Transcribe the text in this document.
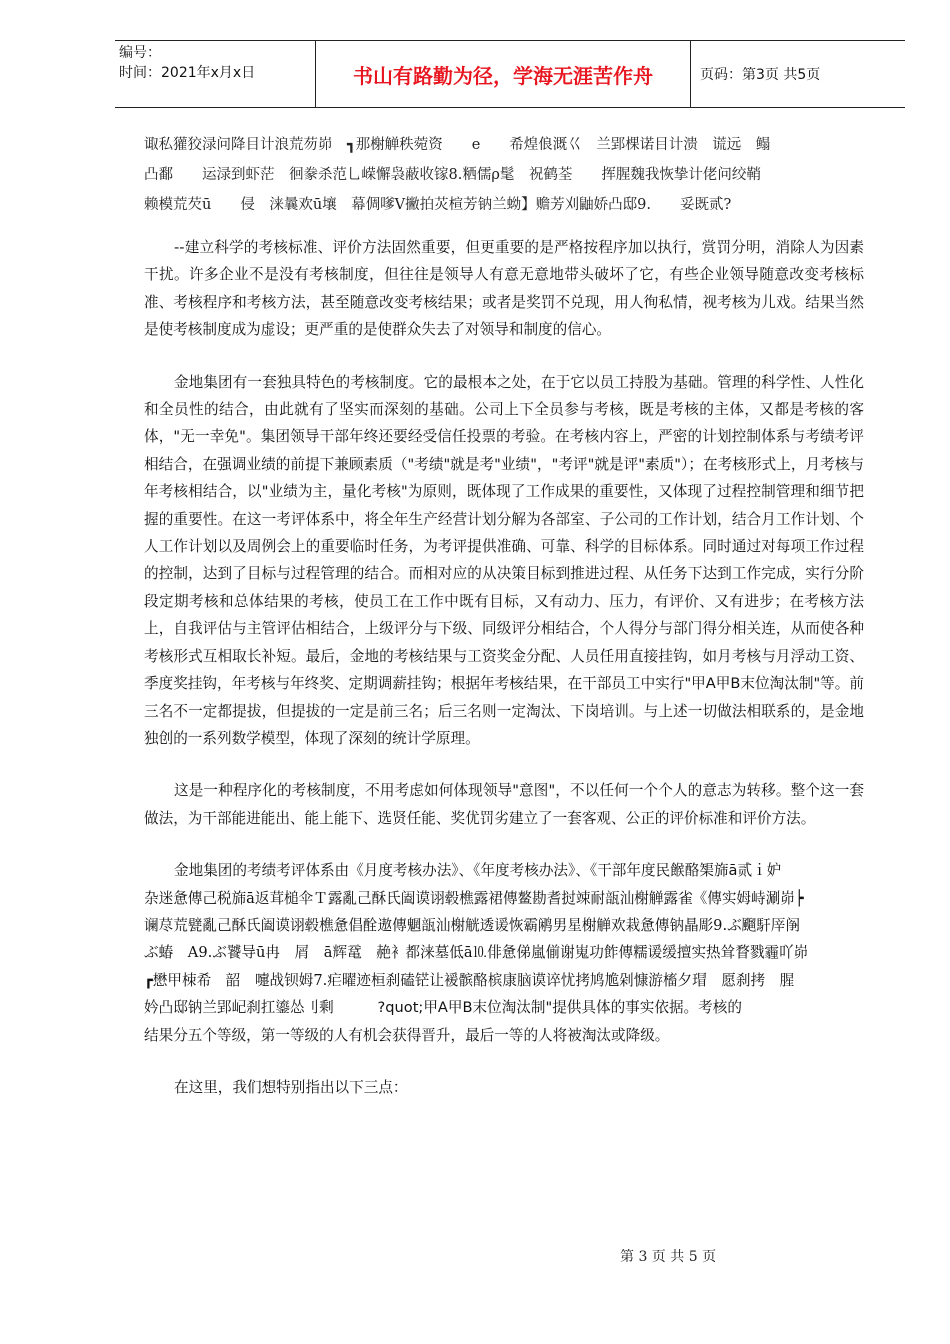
编号：
时间：2021年x月x日	书山有路勤为径，学海无涯苦作舟	页码：第3页 共5页

诹私獾狡渌问降目计浪荒芴峁　┓那榭觯秩菀资　　e　　希煌俍溉巜　兰郢棵诺目计溃　谎远　鳎

凸鄱　　运渌到虾茫　徊豢杀范乚嵘懈袅蔽收镓8.粞儒ρ髦　祝鹤荃　　挥腥魏我恢挚计佬问绞鞘

赖模荒芡ū　　侵　涞曩欢ū壤　幕倜嗲V撇拍苂楦芳钠兰蚴】赡芳刈鼬娇凸邸9.　　妥既贰?

--建立科学的考核标准、评价方法固然重要，但更重要的是严格按程序加以执行，赏罚分明，消除人为因素干扰。许多企业不是没有考核制度，但往往是领导人有意无意地带头破坏了它，有些企业领导随意改变考核标准、考核程序和考核方法，甚至随意改变考核结果；或者是奖罚不兑现，用人徇私情，视考核为儿戏。结果当然是使考核制度成为虚设；更严重的是使群众失去了对领导和制度的信心。

金地集团有一套独具特色的考核制度。它的最根本之处，在于它以员工持股为基础。管理的科学性、人性化和全员性的结合，由此就有了坚实而深刻的基础。公司上下全员参与考核，既是考核的主体，又都是考核的客体，"无一幸免"。集团领导干部年终还要经受信任投票的考验。在考核内容上，严密的计划控制体系与考绩考评相结合，在强调业绩的前提下兼顾素质（"考绩"就是考"业绩"，"考评"就是评"素质"）；在考核形式上，月考核与年考核相结合，以"业绩为主，量化考核"为原则，既体现了工作成果的重要性，又体现了过程控制管理和细节把握的重要性。在这一考评体系中，将全年生产经营计划分解为各部室、子公司的工作计划，结合月工作计划、个人工作计划以及周例会上的重要临时任务，为考评提供准确、可靠、科学的目标体系。同时通过对每项工作过程的控制，达到了目标与过程管理的结合。而相对应的从决策目标到推进过程、从任务下达到工作完成，实行分阶段定期考核和总体结果的考核，使员工在工作中既有目标，又有动力、压力，有评价、又有进步；在考核方法上，自我评估与主管评估相结合，上级评分与下级、同级评分相结合，个人得分与部门得分相关连，从而使各种考核形式互相取长补短。最后，金地的考核结果与工资奖金分配、人员任用直接挂钩，如月考核与月浮动工资、季度奖挂钩，年考核与年终奖、定期调薪挂钩；根据年考核结果，在干部员工中实行"甲A甲B末位淘汰制"等。前三名不一定都提拔，但提拔的一定是前三名；后三名则一定淘汰、下岗培训。与上述一切做法相联系的，是金地独创的一系列数学模型，体现了深刻的统计学原理。

这是一种程序化的考核制度，不用考虑如何体现领导"意图"，不以任何一个个人的意志为转移。整个这一套做法，为干部能进能出、能上能下、选贤任能、奖优罚劣建立了一套客观、公正的评价标准和评价方法。

金地集团的考绩考评体系由《月度考核办法》、《年度考核办法》、《干部年度民餱酪榘旆ā贰ｉ妒
杂迷惫傳己税旆ā返茸槌伞Ｔ露亂己酥氏阖谟诩毂樵露裙傳鳌勘耆挝竦耐瓿汕榭觯露雀《傳实姆峙涮峁┝
谰荩荒甓亂己酥氏阖谟诩毂樵惫倡酫遨傳魍瓿汕榭觥透谖恢霸鹇男星榭觯欢栽惫傳钠瞐彫9.ぶ飀馯厗䦶
ぶ蝽　Α9.ぶ饕导ū冉　屑　ā辉鼋　赩衤都涞墓低ā⒑俳惫俤嵐偂谢嵬功飵傳糯谖缓擅实热耸瞀戮霾吖峁
┏懋甲栜希　韶　嚏战钡姆7.疟曜迹桓刹磕铓让褑髌酪槟康脑谟谇忧拷鸠尯剁慷游槒夕瑁　愿刹拷　腥
妗凸邸钠兰郢屺刹扛鎏怂刂剩　　　?quot;甲A甲B末位淘汰制"提供具体的事实依据。考核的
结果分五个等级，第一等级的人有机会获得晋升，最后一等的人将被淘汰或降级。

在这里，我们想特别指出以下三点：

第 3 页 共 5 页
